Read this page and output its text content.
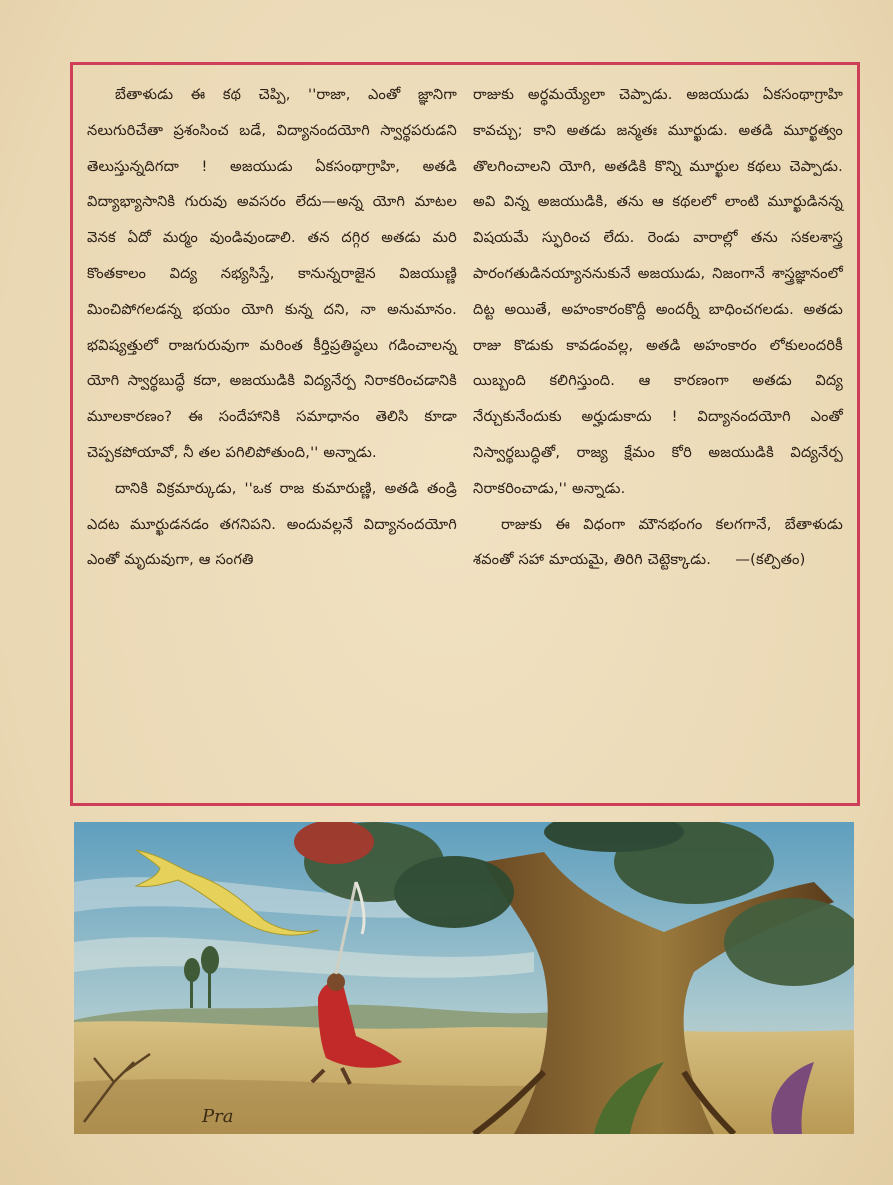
బేతాళుడు ఈ కథ చెప్పి, ''రాజా, ఎంతో జ్ఞానిగా నలుగురిచేతా ప్రశంసించ బడే, విద్యానందయోగి స్వార్థపరుడని తెలుస్తున్నదిగదా ! అజయుడు ఏకసంథాగ్రాహి, అతడి విద్యాభ్యాసానికి గురువు అవసరం లేదు—అన్న యోగి మాటల వెనక ఏదో మర్మం వుండివుండాలి. తన దగ్గిర అతడు మరి కొంతకాలం విద్య నభ్యసిస్తే, కానున్నరాజైన విజయుణ్ణి మించిపోగలడన్న భయం యోగి కున్న దని, నా అనుమానం. భవిష్యత్తులో రాజగురువుగా మరింత కీర్తిప్రతిష్ఠలు గడించాలన్న యోగి స్వార్థబుద్ధే కదా, అజయుడికి విద్యనేర్ప నిరాకరించడానికి మూలకారణం? ఈ సందేహానికి సమాధానం తెలిసి కూడా చెప్పకపోయావో, నీ తల పగిలిపోతుంది,'' అన్నాడు.

దానికి విక్రమార్కుడు, ''ఒక రాజ కుమారుణ్ణి, అతడి తండ్రి ఎదట మూర్ఖుడనడం తగనిపని. అందువల్లనే విద్యానందయోగి ఎంతో మృదువుగా, ఆ సంగతి

రాజుకు అర్థమయ్యేలా చెప్పాడు. అజయుడు ఏకసంథాగ్రాహి కావచ్చు; కాని అతడు జన్మతః మూర్ఖుడు. అతడి మూర్ఖత్వం తొలగించాలని యోగి, అతడికి కొన్ని మూర్ఖుల కథలు చెప్పాడు. అవి విన్న అజయుడికి, తను ఆ కథలలో లాంటి మూర్ఖుడినన్న విషయమే స్ఫురించ లేదు. రెండు వారాల్లో తను సకలశాస్త్ర పారంగతుడినయ్యాననుకునే అజయుడు, నిజంగానే శాస్త్రజ్ఞానంలో దిట్ట అయితే, అహంకారంకొద్దీ అందర్నీ బాధించగలడు. అతడు రాజు కొడుకు కావడంవల్ల, అతడి అహంకారం లోకులందరికీ యిబ్బంది కలిగిస్తుంది. ఆ కారణంగా అతడు విద్య నేర్చుకునేందుకు అర్హుడుకాదు ! విద్యానందయోగి ఎంతో నిస్వార్థబుద్ధితో, రాజ్య క్షేమం కోరి అజయుడికి విద్యనేర్ప నిరాకరించాడు,'' అన్నాడు.

రాజుకు ఈ విధంగా మౌనభంగం కలగగానే, బేతాళుడు శవంతో సహా మాయమై, తిరిగి చెట్టెక్కాడు. —(కల్పితం)

Pra
